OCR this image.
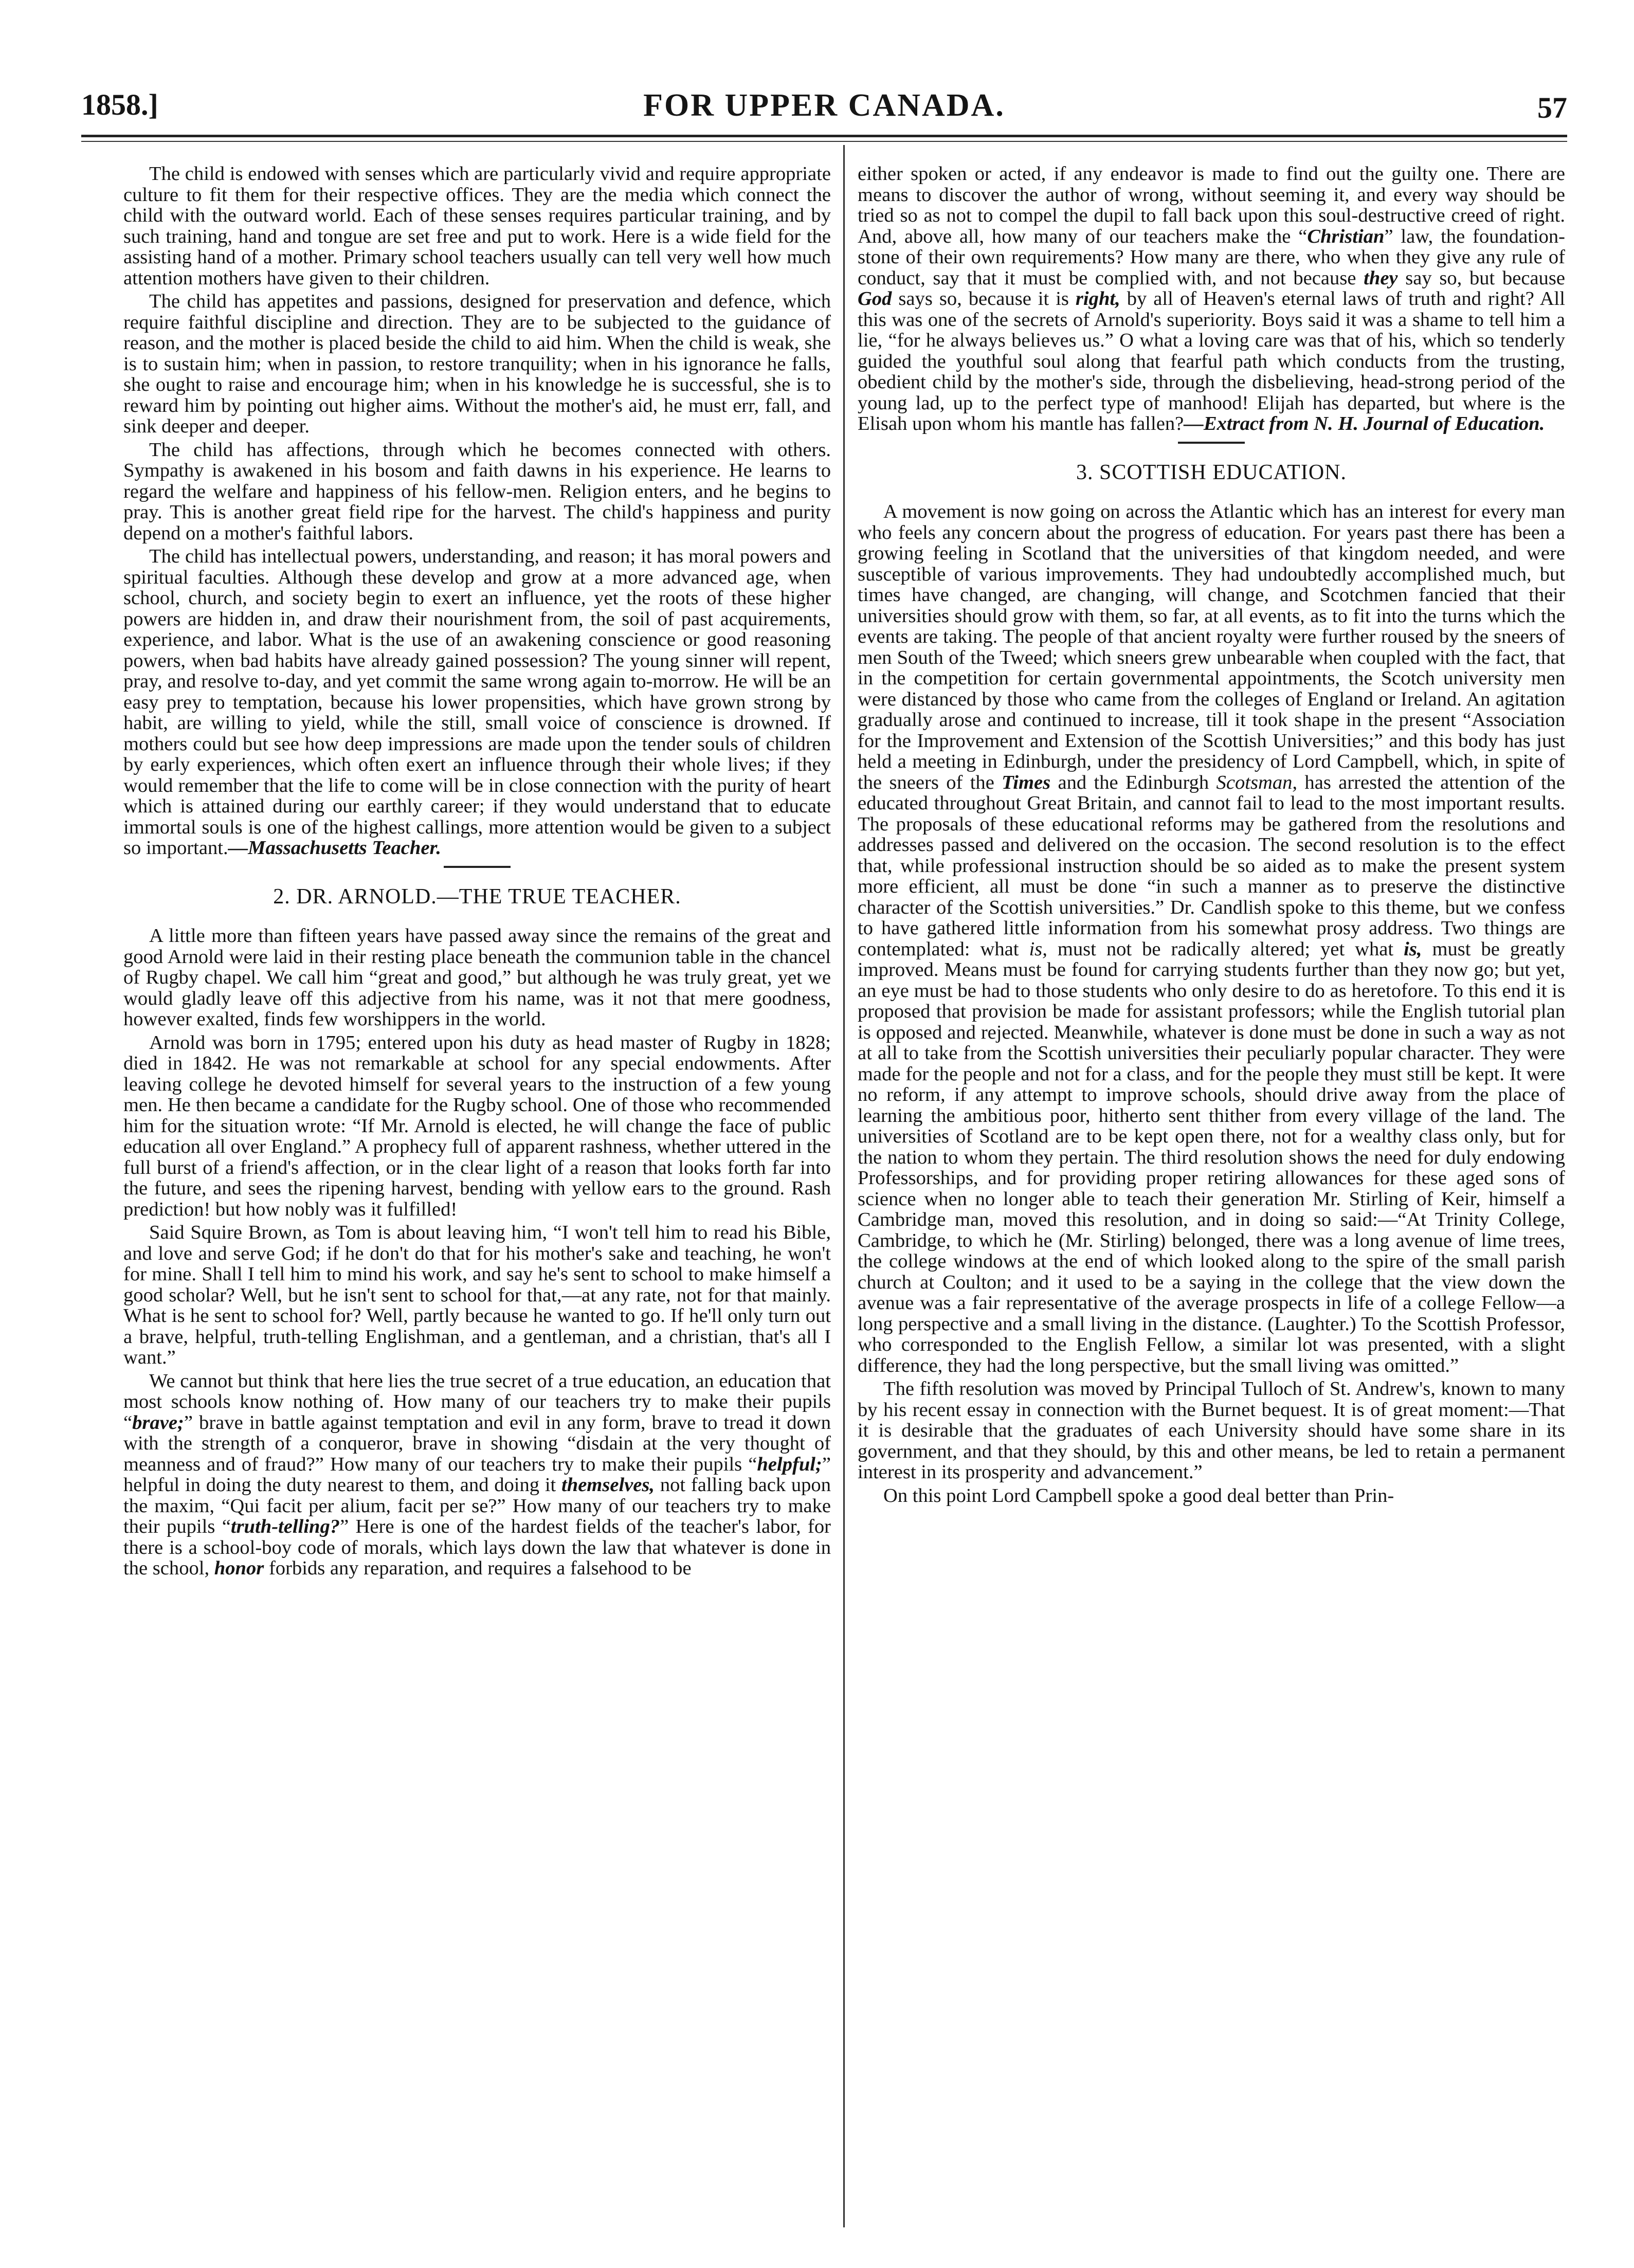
1858.]	FOR UPPER CANADA.	57

The child is endowed with senses which are particularly vivid and require appropriate culture to fit them for their respective offices. They are the media which connect the child with the outward world. Each of these senses requires particular training, and by such training, hand and tongue are set free and put to work. Here is a wide field for the assisting hand of a mother. Primary school teachers usually can tell very well how much attention mothers have given to their children.

The child has appetites and passions, designed for preservation and defence, which require faithful discipline and direction. They are to be subjected to the guidance of reason, and the mother is placed beside the child to aid him. When the child is weak, she is to sustain him; when in passion, to restore tranquility; when in his ignorance he falls, she ought to raise and encourage him; when in his knowledge he is successful, she is to reward him by pointing out higher aims. Without the mother's aid, he must err, fall, and sink deeper and deeper.

The child has affections, through which he becomes connected with others. Sympathy is awakened in his bosom and faith dawns in his experience. He learns to regard the welfare and happiness of his fellow-men. Religion enters, and he begins to pray. This is another great field ripe for the harvest. The child's happiness and purity depend on a mother's faithful labors.

The child has intellectual powers, understanding, and reason; it has moral powers and spiritual faculties. Although these develop and grow at a more advanced age, when school, church, and society begin to exert an influence, yet the roots of these higher powers are hidden in, and draw their nourishment from, the soil of past acquirements, experience, and labor. What is the use of an awakening conscience or good reasoning powers, when bad habits have already gained possession? The young sinner will repent, pray, and resolve to-day, and yet commit the same wrong again to-morrow. He will be an easy prey to temptation, because his lower propensities, which have grown strong by habit, are willing to yield, while the still, small voice of conscience is drowned. If mothers could but see how deep impressions are made upon the tender souls of children by early experiences, which often exert an influence through their whole lives; if they would remember that the life to come will be in close connection with the purity of heart which is attained during our earthly career; if they would understand that to educate immortal souls is one of the highest callings, more attention would be given to a subject so important.—Massachusetts Teacher.

2. DR. ARNOLD.—THE TRUE TEACHER.

A little more than fifteen years have passed away since the remains of the great and good Arnold were laid in their resting place beneath the communion table in the chancel of Rugby chapel. We call him “great and good,” but although he was truly great, yet we would gladly leave off this adjective from his name, was it not that mere goodness, however exalted, finds few worshippers in the world.

Arnold was born in 1795; entered upon his duty as head master of Rugby in 1828; died in 1842. He was not remarkable at school for any special endowments. After leaving college he devoted himself for several years to the instruction of a few young men. He then became a candidate for the Rugby school. One of those who recommended him for the situation wrote: “If Mr. Arnold is elected, he will change the face of public education all over England.” A prophecy full of apparent rashness, whether uttered in the full burst of a friend's affection, or in the clear light of a reason that looks forth far into the future, and sees the ripening harvest, bending with yellow ears to the ground. Rash prediction! but how nobly was it fulfilled!

Said Squire Brown, as Tom is about leaving him, “I won't tell him to read his Bible, and love and serve God; if he don't do that for his mother's sake and teaching, he won't for mine. Shall I tell him to mind his work, and say he's sent to school to make himself a good scholar? Well, but he isn't sent to school for that,—at any rate, not for that mainly. What is he sent to school for? Well, partly because he wanted to go. If he'll only turn out a brave, helpful, truth-telling Englishman, and a gentleman, and a christian, that's all I want.”

We cannot but think that here lies the true secret of a true education, an education that most schools know nothing of. How many of our teachers try to make their pupils “brave;” brave in battle against temptation and evil in any form, brave to tread it down with the strength of a conqueror, brave in showing “disdain at the very thought of meanness and of fraud?” How many of our teachers try to make their pupils “helpful;” helpful in doing the duty nearest to them, and doing it themselves, not falling back upon the maxim, “Qui facit per alium, facit per se?” How many of our teachers try to make their pupils “truth-telling?” Here is one of the hardest fields of the teacher's labor, for there is a school-boy code of morals, which lays down the law that whatever is done in the school, honor forbids any reparation, and requires a falsehood to be

either spoken or acted, if any endeavor is made to find out the guilty one. There are means to discover the author of wrong, without seeming it, and every way should be tried so as not to compel the dupil to fall back upon this soul-destructive creed of right. And, above all, how many of our teachers make the “Christian” law, the foundation-stone of their own requirements? How many are there, who when they give any rule of conduct, say that it must be complied with, and not because they say so, but because God says so, because it is right, by all of Heaven's eternal laws of truth and right? All this was one of the secrets of Arnold's superiority. Boys said it was a shame to tell him a lie, “for he always believes us.” O what a loving care was that of his, which so tenderly guided the youthful soul along that fearful path which conducts from the trusting, obedient child by the mother's side, through the disbelieving, head-strong period of the young lad, up to the perfect type of manhood! Elijah has departed, but where is the Elisah upon whom his mantle has fallen?—Extract from N. H. Journal of Education.

3. SCOTTISH EDUCATION.

A movement is now going on across the Atlantic which has an interest for every man who feels any concern about the progress of education. For years past there has been a growing feeling in Scotland that the universities of that kingdom needed, and were susceptible of various improvements. They had undoubtedly accomplished much, but times have changed, are changing, will change, and Scotchmen fancied that their universities should grow with them, so far, at all events, as to fit into the turns which the events are taking. The people of that ancient royalty were further roused by the sneers of men South of the Tweed; which sneers grew unbearable when coupled with the fact, that in the competition for certain governmental appointments, the Scotch university men were distanced by those who came from the colleges of England or Ireland. An agitation gradually arose and continued to increase, till it took shape in the present “Association for the Improvement and Extension of the Scottish Universities;” and this body has just held a meeting in Edinburgh, under the presidency of Lord Campbell, which, in spite of the sneers of the Times and the Edinburgh Scotsman, has arrested the attention of the educated throughout Great Britain, and cannot fail to lead to the most important results. The proposals of these educational reforms may be gathered from the resolutions and addresses passed and delivered on the occasion. The second resolution is to the effect that, while professional instruction should be so aided as to make the present system more efficient, all must be done “in such a manner as to preserve the distinctive character of the Scottish universities.” Dr. Candlish spoke to this theme, but we confess to have gathered little information from his somewhat prosy address. Two things are contemplated: what is, must not be radically altered; yet what is, must be greatly improved. Means must be found for carrying students further than they now go; but yet, an eye must be had to those students who only desire to do as heretofore. To this end it is proposed that provision be made for assistant professors; while the English tutorial plan is opposed and rejected. Meanwhile, whatever is done must be done in such a way as not at all to take from the Scottish universities their peculiarly popular character. They were made for the people and not for a class, and for the people they must still be kept. It were no reform, if any attempt to improve schools, should drive away from the place of learning the ambitious poor, hitherto sent thither from every village of the land. The universities of Scotland are to be kept open there, not for a wealthy class only, but for the nation to whom they pertain. The third resolution shows the need for duly endowing Professorships, and for providing proper retiring allowances for these aged sons of science when no longer able to teach their generation Mr. Stirling of Keir, himself a Cambridge man, moved this resolution, and in doing so said:—“At Trinity College, Cambridge, to which he (Mr. Stirling) belonged, there was a long avenue of lime trees, the college windows at the end of which looked along to the spire of the small parish church at Coulton; and it used to be a saying in the college that the view down the avenue was a fair representative of the average prospects in life of a college Fellow—a long perspective and a small living in the distance. (Laughter.) To the Scottish Professor, who corresponded to the English Fellow, a similar lot was presented, with a slight difference, they had the long perspective, but the small living was omitted.”

The fifth resolution was moved by Principal Tulloch of St. Andrew's, known to many by his recent essay in connection with the Burnet bequest. It is of great moment:—That it is desirable that the graduates of each University should have some share in its government, and that they should, by this and other means, be led to retain a permanent interest in its prosperity and advancement.”

On this point Lord Campbell spoke a good deal better than Prin-
